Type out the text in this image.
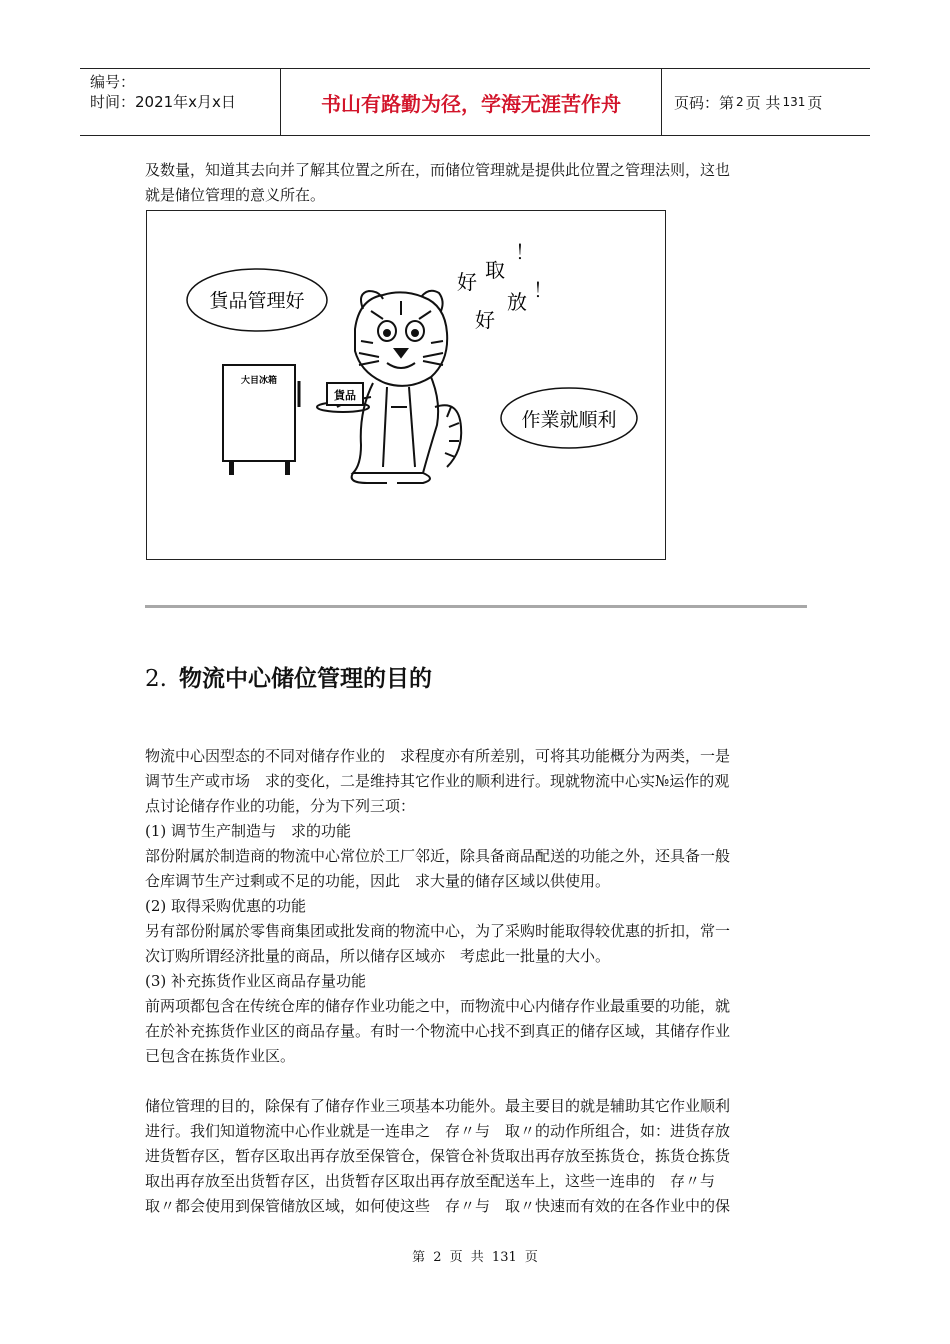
编号：
时间：2021年x月x日	书山有路勤为径，学海无涯苦作舟	页码：第 2 页 共 131 页
及数量，知道其去向并了解其位置之所在，而储位管理就是提供此位置之管理法则，这也
就是储位管理的意义所在。
貨品管理好
作業就順利
好 取
！
好
放 ！
大目冰箱
貨品
2. 物流中心储位管理的目的
物流中心因型态的不同对储存作业的　求程度亦有所差别，可将其功能概分为两类，一是
调节生产或市场　求的变化，二是维持其它作业的顺利进行。现就物流中心实№运作的观
点讨论储存作业的功能，分为下列三项：
(1) 调节生产制造与　求的功能
部份附属於制造商的物流中心常位於工厂邻近，除具备商品配送的功能之外，还具备一般
仓库调节生产过剩或不足的功能，因此　求大量的储存区域以供使用。
(2) 取得采购优惠的功能
另有部份附属於零售商集团或批发商的物流中心，为了采购时能取得较优惠的折扣，常一
次订购所谓经济批量的商品，所以储存区域亦　考虑此一批量的大小。
(3) 补充拣货作业区商品存量功能
前两项都包含在传统仓库的储存作业功能之中，而物流中心内储存作业最重要的功能，就
在於补充拣货作业区的商品存量。有时一个物流中心找不到真正的储存区域，其储存作业
已包含在拣货作业区。
储位管理的目的，除保有了储存作业三项基本功能外。最主要目的就是辅助其它作业顺利
进行。我们知道物流中心作业就是一连串之　存〃与　取〃的动作所组合，如：进货存放
进货暂存区，暂存区取出再存放至保管仓，保管仓补货取出再存放至拣货仓，拣货仓拣货
取出再存放至出货暂存区，出货暂存区取出再存放至配送车上，这些一连串的　存〃与
取〃都会使用到保管储放区域，如何使这些　存〃与　取〃快速而有效的在各作业中的保
第 2 页 共 131 页
